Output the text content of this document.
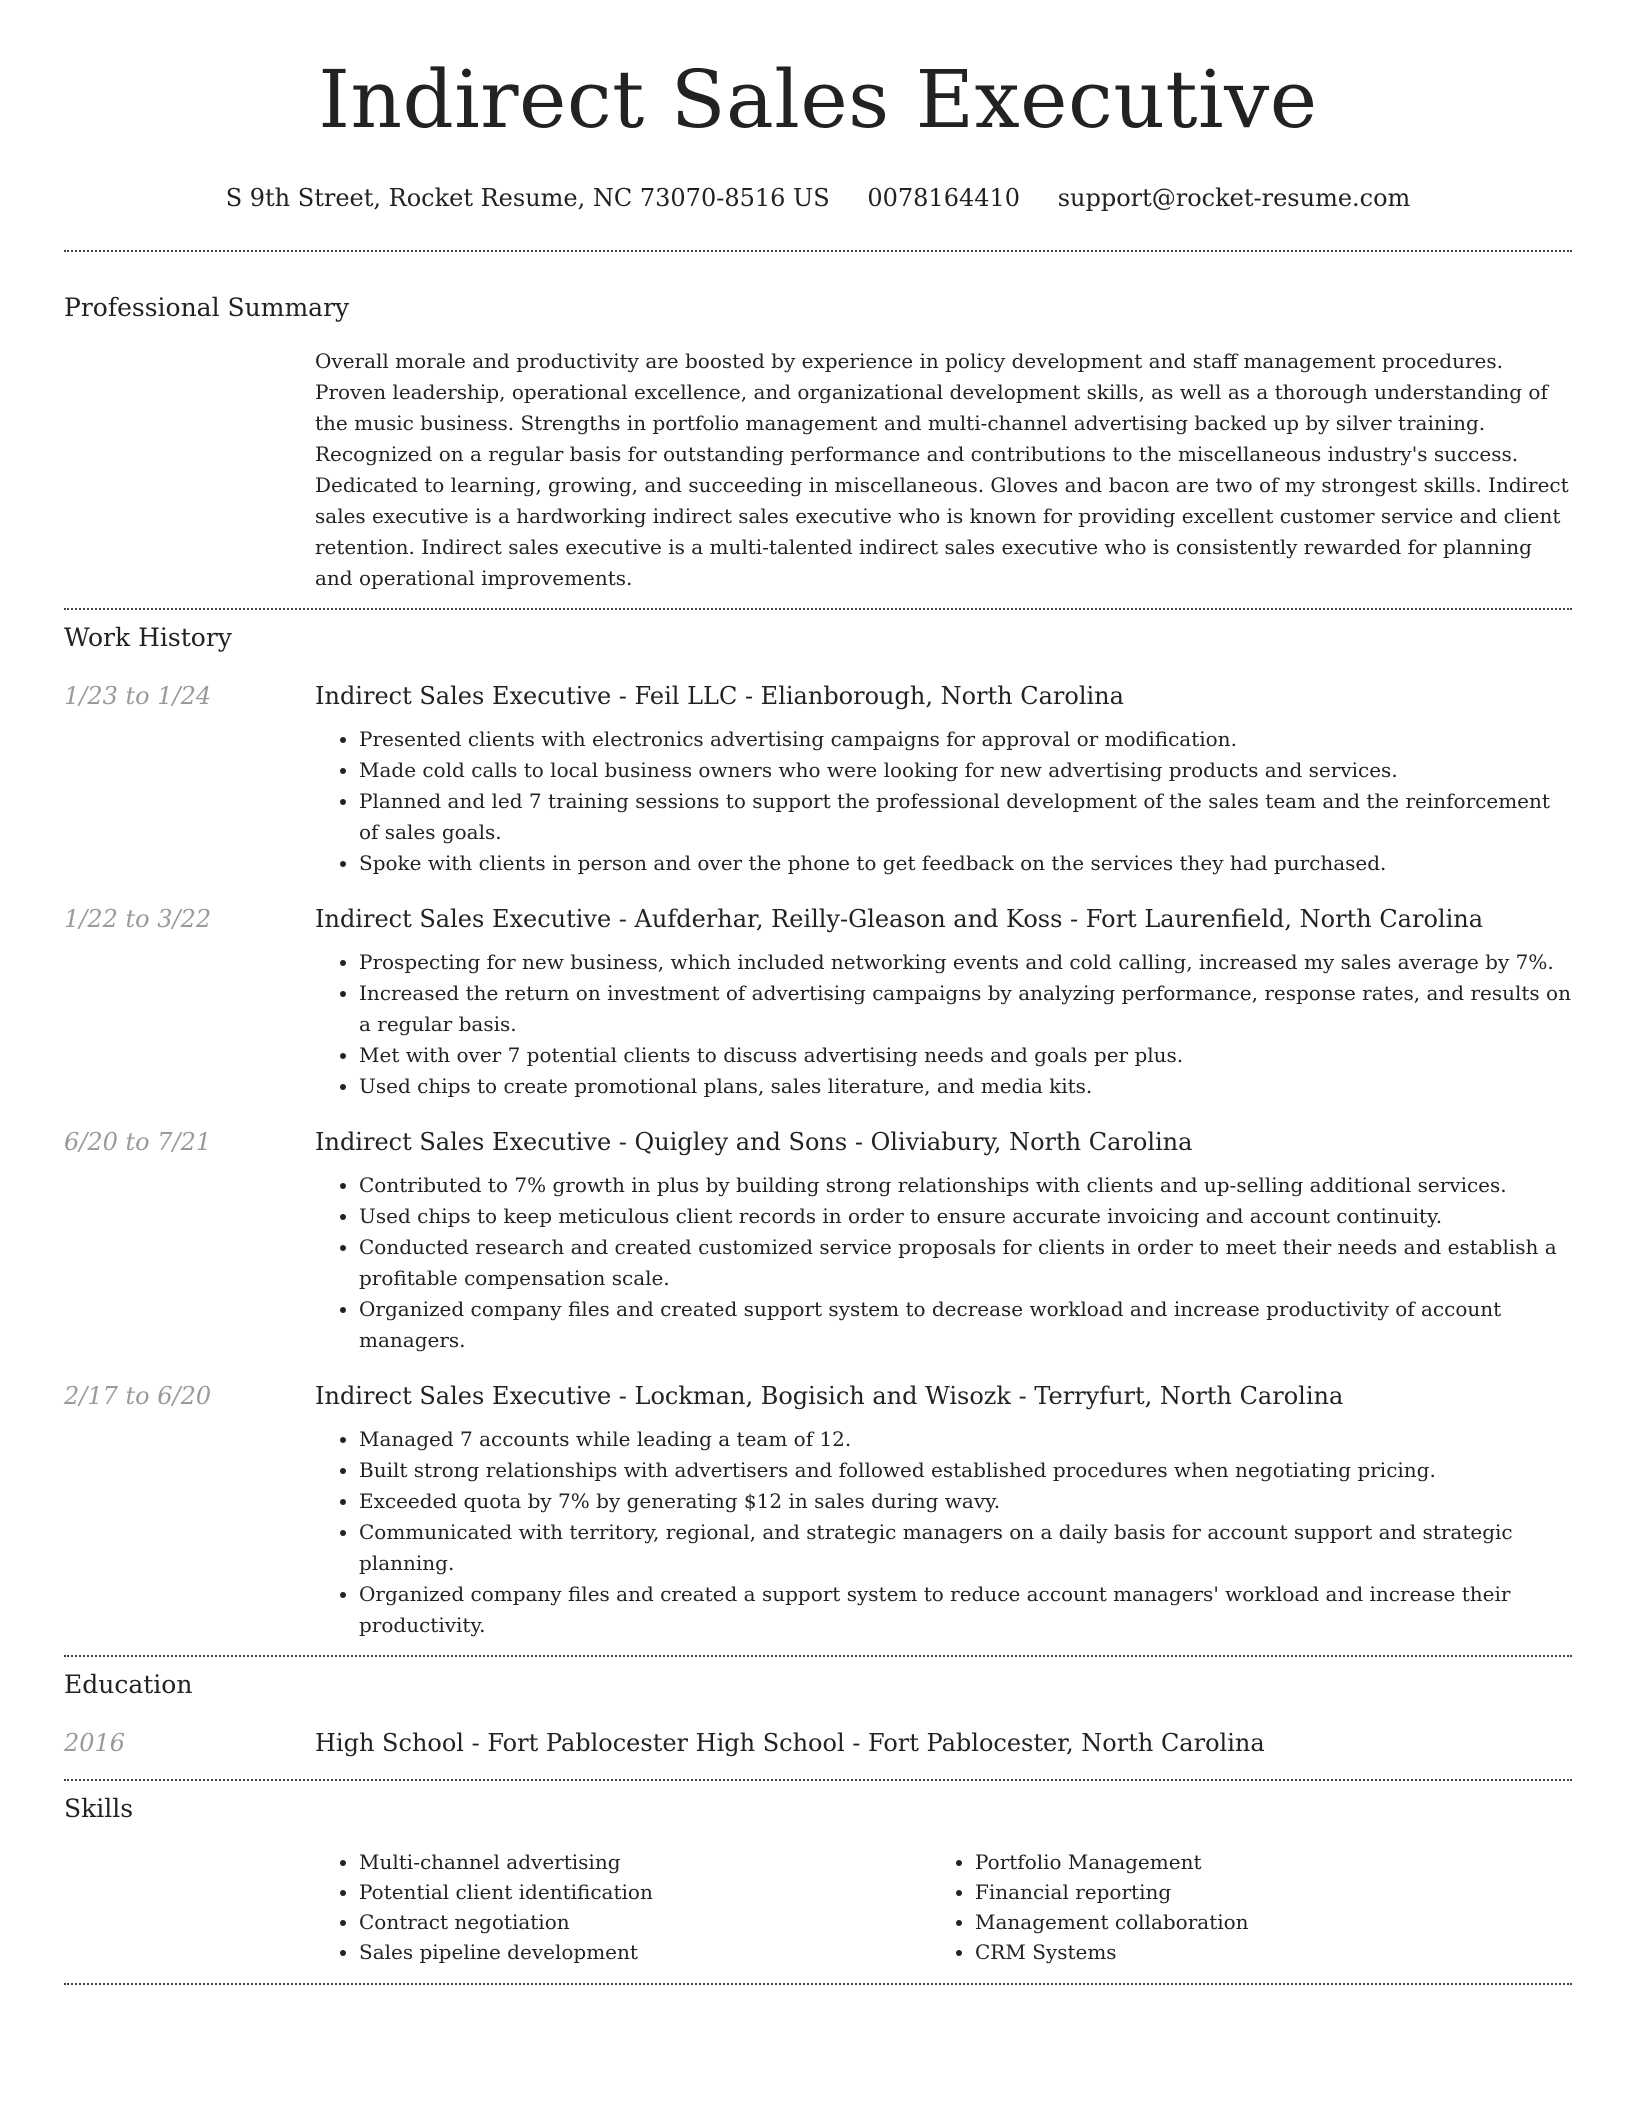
Indirect Sales Executive
S 9th Street, Rocket Resume, NC 73070-8516 US 0078164410 support@rocket-resume.com
Professional Summary

Overall morale and productivity are boosted by experience in policy development and staff management procedures. Proven leadership, operational excellence, and organizational development skills, as well as a thorough understanding of the music business. Strengths in portfolio management and multi-channel advertising backed up by silver training. Recognized on a regular basis for outstanding performance and contributions to the miscellaneous industry's success. Dedicated to learning, growing, and succeeding in miscellaneous. Gloves and bacon are two of my strongest skills. Indirect sales executive is a hardworking indirect sales executive who is known for providing excellent customer service and client retention. Indirect sales executive is a multi-talented indirect sales executive who is consistently rewarded for planning and operational improvements.

Work History
1/23 to 1/24	Indirect Sales Executive - Feil LLC - Elianborough, North Carolina
• Presented clients with electronics advertising campaigns for approval or modification.
• Made cold calls to local business owners who were looking for new advertising products and services.
• Planned and led 7 training sessions to support the professional development of the sales team and the reinforcement of sales goals.
• Spoke with clients in person and over the phone to get feedback on the services they had purchased.
1/22 to 3/22	Indirect Sales Executive - Aufderhar, Reilly-Gleason and Koss - Fort Laurenfield, North Carolina
• Prospecting for new business, which included networking events and cold calling, increased my sales average by 7%.
• Increased the return on investment of advertising campaigns by analyzing performance, response rates, and results on a regular basis.
• Met with over 7 potential clients to discuss advertising needs and goals per plus.
• Used chips to create promotional plans, sales literature, and media kits.
6/20 to 7/21	Indirect Sales Executive - Quigley and Sons - Oliviabury, North Carolina
• Contributed to 7% growth in plus by building strong relationships with clients and up-selling additional services.
• Used chips to keep meticulous client records in order to ensure accurate invoicing and account continuity.
• Conducted research and created customized service proposals for clients in order to meet their needs and establish a profitable compensation scale.
• Organized company files and created support system to decrease workload and increase productivity of account managers.
2/17 to 6/20	Indirect Sales Executive - Lockman, Bogisich and Wisozk - Terryfurt, North Carolina
• Managed 7 accounts while leading a team of 12.
• Built strong relationships with advertisers and followed established procedures when negotiating pricing.
• Exceeded quota by 7% by generating $12 in sales during wavy.
• Communicated with territory, regional, and strategic managers on a daily basis for account support and strategic planning.
• Organized company files and created a support system to reduce account managers' workload and increase their productivity.
Education
2016	High School - Fort Pablocester High School - Fort Pablocester, North Carolina
Skills
• Multi-channel advertising
• Potential client identification
• Contract negotiation
• Sales pipeline development
• Portfolio Management
• Financial reporting
• Management collaboration
• CRM Systems
